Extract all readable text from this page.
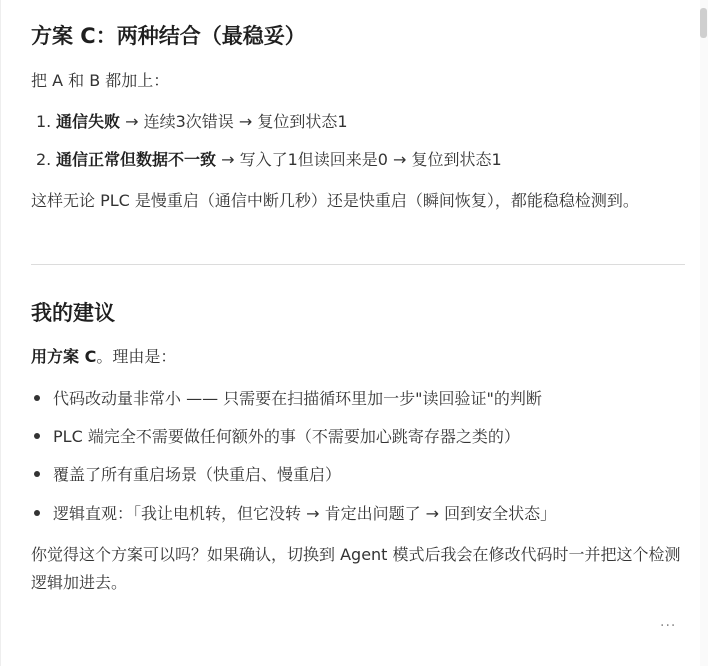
方案 C：两种结合（最稳妥）

把 A 和 B 都加上：

1. 通信失败 → 连续3次错误 → 复位到状态1
2. 通信正常但数据不一致 → 写入了1但读回来是0 → 复位到状态1

这样无论 PLC 是慢重启（通信中断几秒）还是快重启（瞬间恢复），都能稳稳检测到。

我的建议

用方案 C。理由是：

代码改动量非常小 —— 只需要在扫描循环里加一步"读回验证"的判断
PLC 端完全不需要做任何额外的事（不需要加心跳寄存器之类的）
覆盖了所有重启场景（快重启、慢重启）
逻辑直观：「我让电机转，但它没转 → 肯定出问题了 → 回到安全状态」

你觉得这个方案可以吗？如果确认，切换到 Agent 模式后我会在修改代码时一并把这个检测逻辑加进去。

···
